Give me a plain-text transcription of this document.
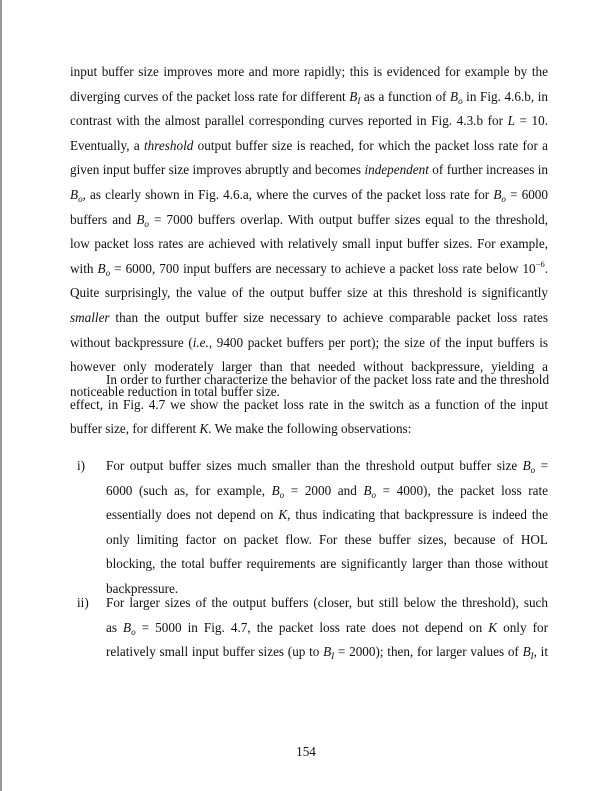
input buffer size improves more and more rapidly; this is evidenced for example by the
diverging curves of the packet loss rate for different $B_I$ as a function of $B_o$ in Fig. 4.6.b, in
contrast with the almost parallel corresponding curves reported in Fig. 4.3.b for L = 10.
Eventually, a threshold output buffer size is reached, for which the packet loss rate for a
given input buffer size improves abruptly and becomes independent of further increases in
$B_o$, as clearly shown in Fig. 4.6.a, where the curves of the packet loss rate for $B_o = 6000$
buffers and $B_o = 7000$ buffers overlap. With output buffer sizes equal to the threshold,
low packet loss rates are achieved with relatively small input buffer sizes. For example,
with $B_o = 6000$, 700 input buffers are necessary to achieve a packet loss rate below $10^{-6}$.
Quite surprisingly, the value of the output buffer size at this threshold is significantly
smaller than the output buffer size necessary to achieve comparable packet loss rates
without backpressure (i.e., 9400 packet buffers per port); the size of the input buffers is
however only moderately larger than that needed without backpressure, yielding a
noticeable reduction in total buffer size.
In order to further characterize the behavior of the packet loss rate and the threshold
effect, in Fig. 4.7 we show the packet loss rate in the switch as a function of the input
buffer size, for different K. We make the following observations:
i) For output buffer sizes much smaller than the threshold output buffer size $B_o$ =
6000 (such as, for example, $B_o = 2000$ and $B_o = 4000$), the packet loss rate
essentially does not depend on K, thus indicating that backpressure is indeed the
only limiting factor on packet flow. For these buffer sizes, because of HOL
blocking, the total buffer requirements are significantly larger than those without
backpressure.
ii) For larger sizes of the output buffers (closer, but still below the threshold), such
as $B_o = 5000$ in Fig. 4.7, the packet loss rate does not depend on K only for
relatively small input buffer sizes (up to $B_I = 2000$); then, for larger values of $B_I$, it
154
